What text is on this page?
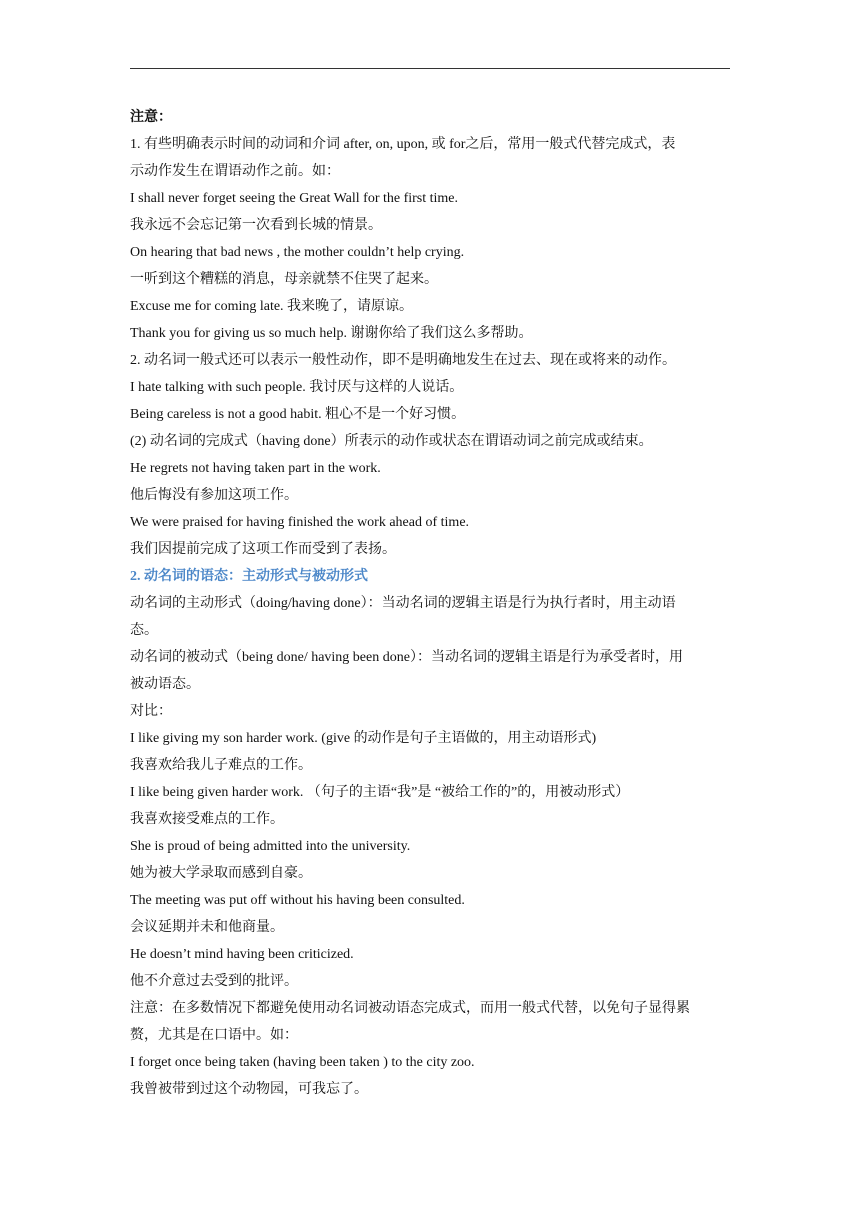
注意：
1. 有些明确表示时间的动词和介词 after, on, upon, 或 for之后，常用一般式代替完成式，表
示动作发生在谓语动作之前。如：
I shall never forget seeing the Great Wall for the first time.
我永远不会忘记第一次看到长城的情景。
On hearing that bad news , the mother couldn’t help crying.
一听到这个糟糕的消息，母亲就禁不住哭了起来。
Excuse me for coming late. 我来晚了，请原谅。
Thank you for giving us so much help. 谢谢你给了我们这么多帮助。
2. 动名词一般式还可以表示一般性动作，即不是明确地发生在过去、现在或将来的动作。
I hate talking with such people. 我讨厌与这样的人说话。
Being careless is not a good habit. 粗心不是一个好习惯。
(2) 动名词的完成式（having done）所表示的动作或状态在谓语动词之前完成或结束。
He regrets not having taken part in the work.
他后悔没有参加这项工作。
We were praised for having finished the work ahead of time.
我们因提前完成了这项工作而受到了表扬。
2. 动名词的语态：主动形式与被动形式
动名词的主动形式（doing/having done）：当动名词的逻辑主语是行为执行者时，用主动语
态。
动名词的被动式（being done/ having been done）：当动名词的逻辑主语是行为承受者时，用
被动语态。
对比：
I like giving my son harder work. (give 的动作是句子主语做的，用主动语形式)
我喜欢给我儿子难点的工作。
I like being given harder work. （句子的主语“我”是 “被给工作的”的，用被动形式）
我喜欢接受难点的工作。
She is proud of being admitted into the university.
她为被大学录取而感到自豪。
The meeting was put off without his having been consulted.
会议延期并未和他商量。
He doesn’t mind having been criticized.
他不介意过去受到的批评。
注意：在多数情况下都避免使用动名词被动语态完成式，而用一般式代替，以免句子显得累
赘，尤其是在口语中。如：
I forget once being taken (having been taken ) to the city zoo.
我曾被带到过这个动物园，可我忘了。
